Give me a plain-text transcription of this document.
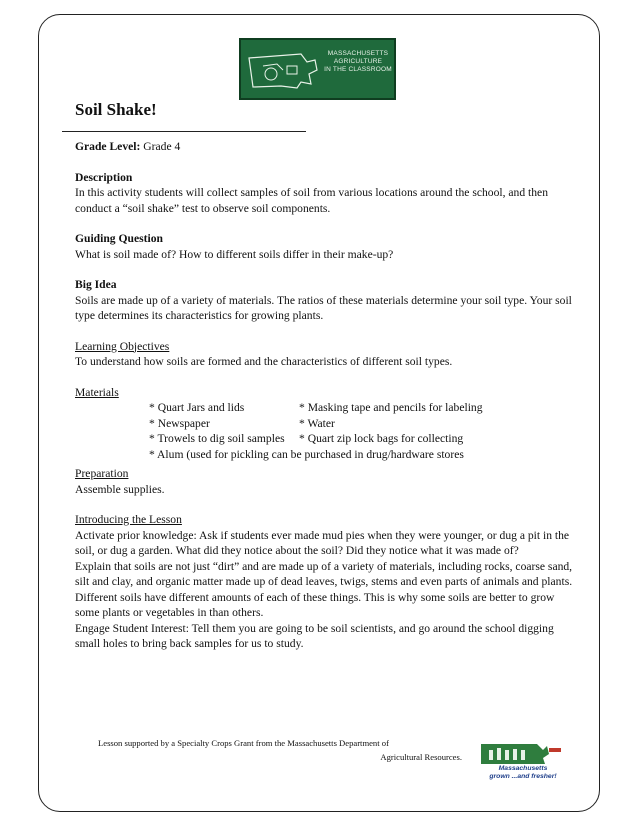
MASSACHUSETTS
AGRICULTURE
IN THE CLASSROOM
Soil Shake!
Grade Level: Grade 4
Description
In this activity students will collect samples of soil from various locations around the school, and then conduct a “soil shake” test to observe soil components.
Guiding Question
What is soil made of? How to different soils differ in their make-up?
Big Idea
Soils are made up of a variety of materials. The ratios of these materials determine your soil type. Your soil type determines its characteristics for growing plants.
Learning Objectives
To understand how soils are formed and the characteristics of different soil types.
Materials
* Quart Jars and lids	* Masking tape and pencils for labeling
* Newspaper	* Water
* Trowels to dig soil samples	* Quart zip lock bags for collecting
* Alum (used for pickling can be purchased in drug/hardware stores
Preparation
Assemble supplies.
Introducing the Lesson
Activate prior knowledge: Ask if students ever made mud pies when they were younger, or dug a pit in the soil, or dug a garden. What did they notice about the soil? Did they notice what it was made of?
Explain that soils are not just “dirt” and are made up of a variety of materials, including rocks, coarse sand, silt and clay, and organic matter made up of dead leaves, twigs, stems and even parts of animals and plants. Different soils have different amounts of each of these things. This is why some soils are better to grow some plants or vegetables in than others.
Engage Student Interest: Tell them you are going to be soil scientists, and go around the school digging small holes to bring back samples for us to study.
Lesson supported by a Specialty Crops Grant from the Massachusetts Department of
Agricultural Resources.
Massachusetts
grown ...and fresher!
